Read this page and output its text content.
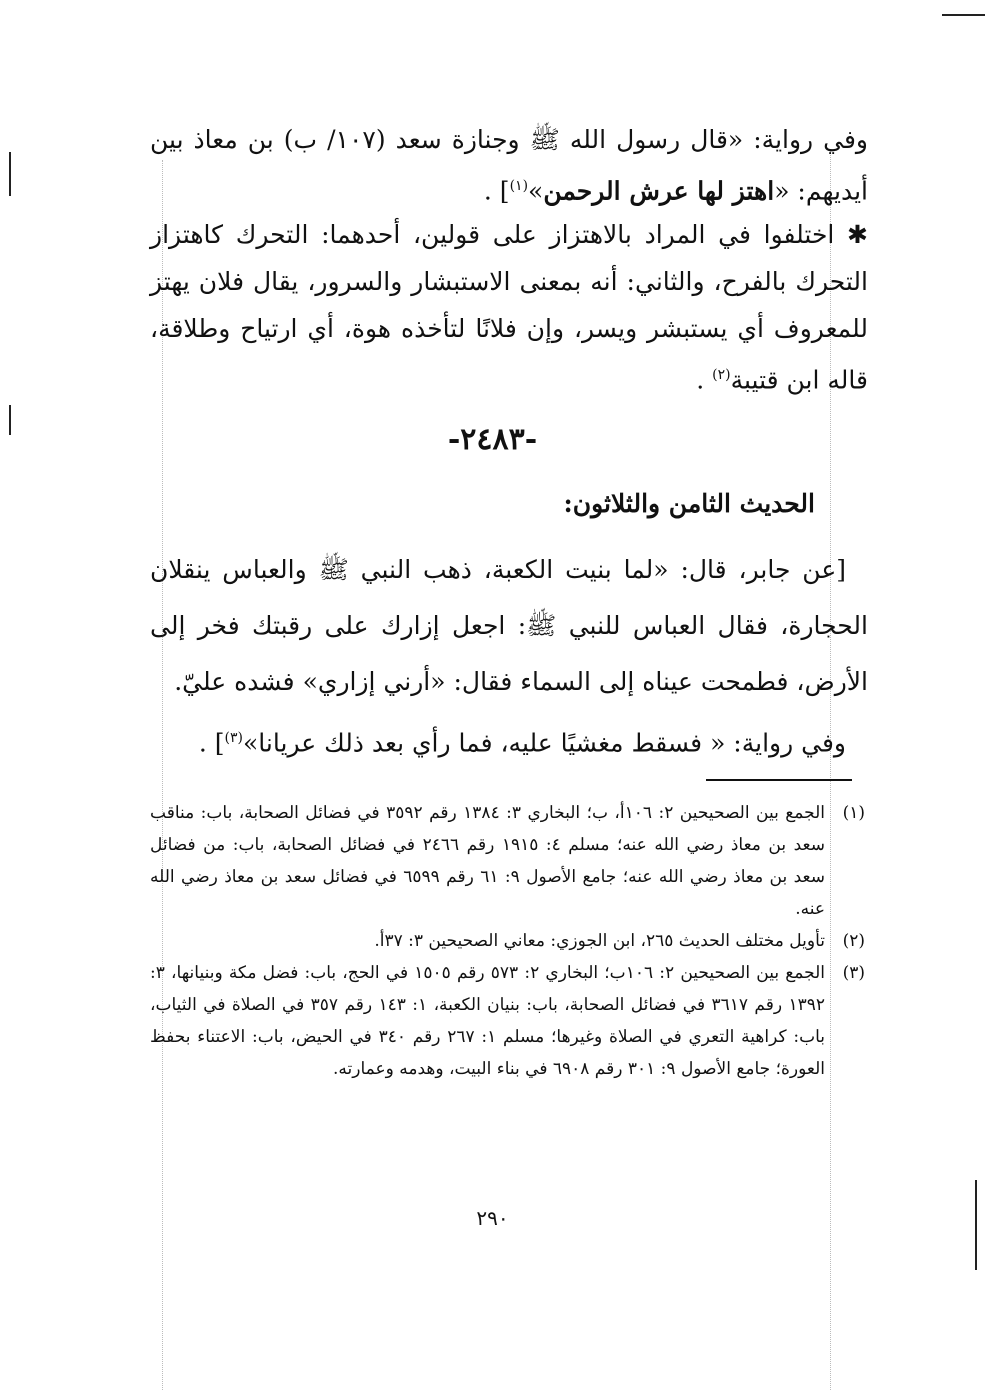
وفي رواية: «قال رسول الله ﷺ وجنازة سعد (١٠٧/ ب) بن معاذ بين أيديهم: «اهتز لها عرش الرحمن»$^{(١)}$] .

✱ اختلفوا في المراد بالاهتزاز على قولين، أحدهما: التحرك كاهتزاز التحرك بالفرح، والثاني: أنه بمعنى الاستبشار والسرور، يقال فلان يهتز للمعروف أي يستبشر ويسر، وإن فلانًا لتأخذه هوة، أي ارتياح وطلاقة، قاله ابن قتيبة$^{(٢)}$ .

-٢٤٨٣-
الحديث الثامن والثلاثون:

[عن جابر، قال: «لما بنيت الكعبة، ذهب النبي ﷺ والعباس ينقلان الحجارة، فقال العباس للنبي ﷺ: اجعل إزارك على رقبتك فخر إلى الأرض، فطمحت عيناه إلى السماء فقال: «أرني إزاري» فشده عليّ.

وفي رواية: « فسقط مغشيًا عليه، فما رأي بعد ذلك عريانا»$^{(٣)}$] .

(١)
الجمع بين الصحيحين ٢: ١٠٦أ، ب؛ البخاري ٣: ١٣٨٤ رقم ٣٥٩٢ في فضائل الصحابة، باب: مناقب سعد بن معاذ رضي الله عنه؛ مسلم ٤: ١٩١٥ رقم ٢٤٦٦ في فضائل الصحابة، باب: من فضائل سعد بن معاذ رضي الله عنه؛ جامع الأصول ٩: ٦١ رقم ٦٥٩٩ في فضائل سعد بن معاذ رضي الله عنه.
(٢)
تأويل مختلف الحديث ٢٦٥، ابن الجوزي: معاني الصحيحين ٣: ٣٧أ.
(٣)
الجمع بين الصحيحين ٢: ١٠٦ب؛ البخاري ٢: ٥٧٣ رقم ١٥٠٥ في الحج، باب: فضل مكة وبنيانها، ٣: ١٣٩٢ رقم ٣٦١٧ في فضائل الصحابة، باب: بنيان الكعبة، ١: ١٤٣ رقم ٣٥٧ في الصلاة في الثياب، باب: كراهية التعري في الصلاة وغيرها؛ مسلم ١: ٢٦٧ رقم ٣٤٠ في الحيض، باب: الاعتناء بحفظ العورة؛ جامع الأصول ٩: ٣٠١ رقم ٦٩٠٨ في بناء البيت، وهدمه وعمارته.
٢٩٠
